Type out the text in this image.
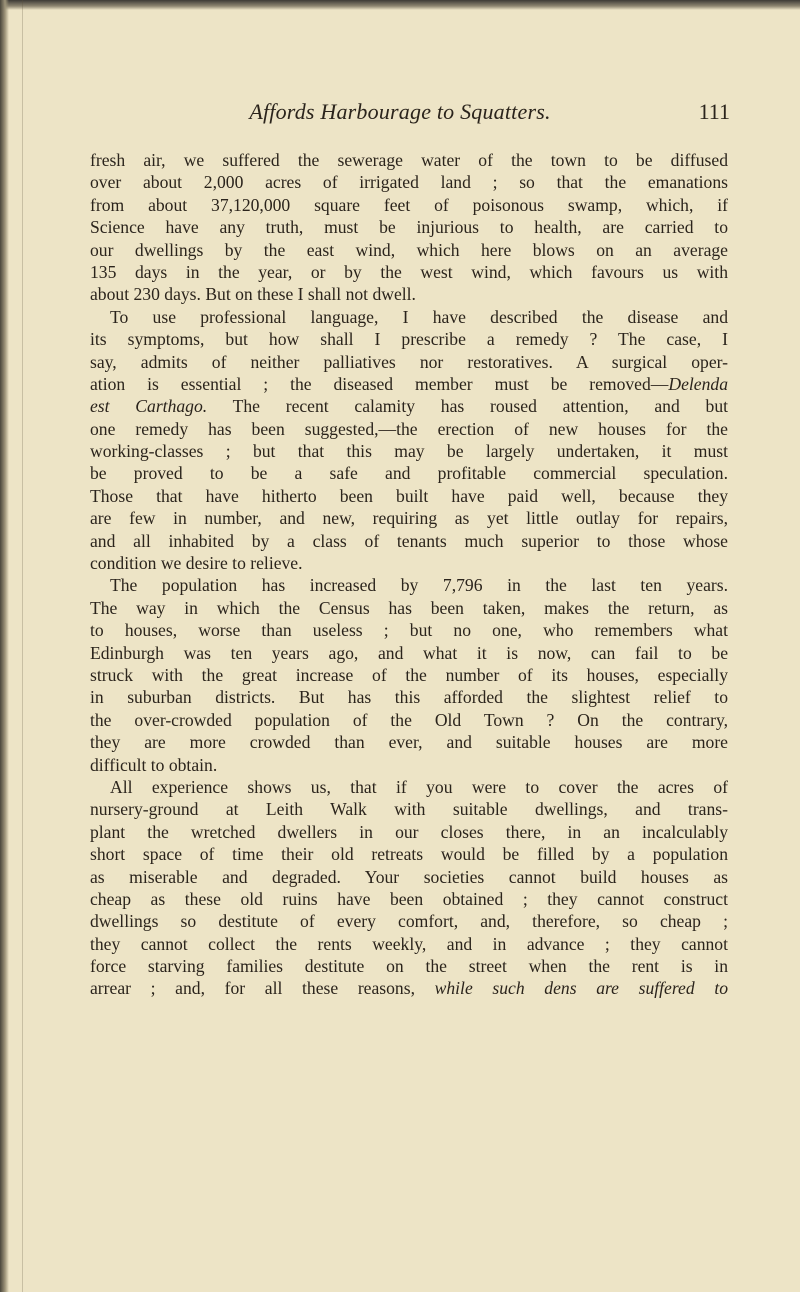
Affords Harbourage to Squatters.	111
fresh air, we suffered the sewerage water of the town to be diffused
over about 2,000 acres of irrigated land ; so that the emanations
from about 37,120,000 square feet of poisonous swamp, which, if
Science have any truth, must be injurious to health, are carried to
our dwellings by the east wind, which here blows on an average
135 days in the year, or by the west wind, which favours us with
about 230 days. But on these I shall not dwell.
To use professional language, I have described the disease and
its symptoms, but how shall I prescribe a remedy ? The case, I
say, admits of neither palliatives nor restoratives. A surgical oper-
ation is essential ; the diseased member must be removed—Delenda
est Carthago. The recent calamity has roused attention, and but
one remedy has been suggested,—the erection of new houses for the
working-classes ; but that this may be largely undertaken, it must
be proved to be a safe and profitable commercial speculation.
Those that have hitherto been built have paid well, because they
are few in number, and new, requiring as yet little outlay for repairs,
and all inhabited by a class of tenants much superior to those whose
condition we desire to relieve.
The population has increased by 7,796 in the last ten years.
The way in which the Census has been taken, makes the return, as
to houses, worse than useless ; but no one, who remembers what
Edinburgh was ten years ago, and what it is now, can fail to be
struck with the great increase of the number of its houses, especially
in suburban districts. But has this afforded the slightest relief to
the over-crowded population of the Old Town ? On the contrary,
they are more crowded than ever, and suitable houses are more
difficult to obtain.
All experience shows us, that if you were to cover the acres of
nursery-ground at Leith Walk with suitable dwellings, and trans-
plant the wretched dwellers in our closes there, in an incalculably
short space of time their old retreats would be filled by a population
as miserable and degraded. Your societies cannot build houses as
cheap as these old ruins have been obtained ; they cannot construct
dwellings so destitute of every comfort, and, therefore, so cheap ;
they cannot collect the rents weekly, and in advance ; they cannot
force starving families destitute on the street when the rent is in
arrear ; and, for all these reasons, while such dens are suffered to
